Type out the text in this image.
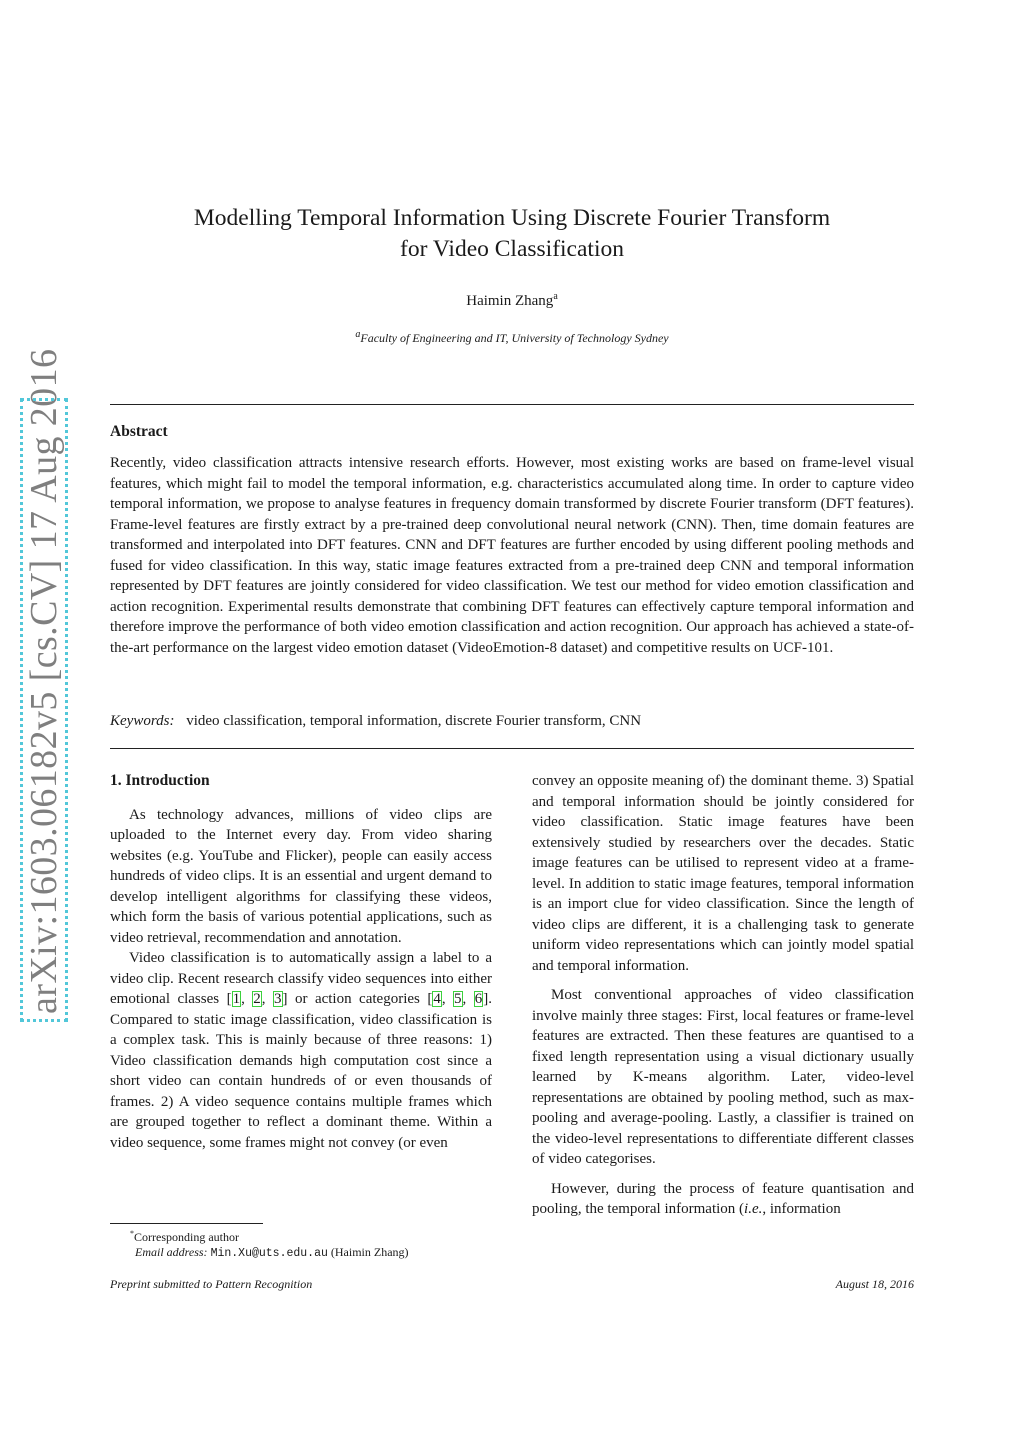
arXiv:1603.06182v5 [cs.CV] 17 Aug 2016
Modelling Temporal Information Using Discrete Fourier Transform
for Video Classification
Haimin Zhang$^a$
$^a$Faculty of Engineering and IT, University of Technology Sydney
Abstract
Recently, video classification attracts intensive research efforts. However, most existing works are based on frame-level visual features, which might fail to model the temporal information, e.g. characteristics accumulated along time. In order to capture video temporal information, we propose to analyse features in frequency domain transformed by discrete Fourier transform (DFT features). Frame-level features are firstly extract by a pre-trained deep convolutional neural network (CNN). Then, time domain features are transformed and interpolated into DFT features. CNN and DFT features are further encoded by using different pooling methods and fused for video classification. In this way, static image features extracted from a pre-trained deep CNN and temporal information represented by DFT features are jointly considered for video classification. We test our method for video emotion classification and action recognition. Experimental results demonstrate that combining DFT features can effectively capture temporal information and therefore improve the performance of both video emotion classification and action recognition. Our approach has achieved a state-of-the-art performance on the largest video emotion dataset (VideoEmotion-8 dataset) and competitive results on UCF-101.
Keywords: video classification, temporal information, discrete Fourier transform, CNN
1. Introduction

As technology advances, millions of video clips are uploaded to the Internet every day. From video sharing websites (e.g. YouTube and Flicker), people can easily access hundreds of video clips. It is an essential and urgent demand to develop intelligent algorithms for classifying these videos, which form the basis of various potential applications, such as video retrieval, recommendation and annotation.

Video classification is to automatically assign a label to a video clip. Recent research classify video sequences into either emotional classes [1, 2, 3] or action categories [4, 5, 6]. Compared to static image classification, video classification is a complex task. This is mainly because of three reasons: 1) Video classification demands high computation cost since a short video can contain hundreds of or even thousands of frames. 2) A video sequence contains multiple frames which are grouped together to reflect a dominant theme. Within a video sequence, some frames might not convey (or even

convey an opposite meaning of) the dominant theme. 3) Spatial and temporal information should be jointly considered for video classification. Static image features have been extensively studied by researchers over the decades. Static image features can be utilised to represent video at a frame-level. In addition to static image features, temporal information is an import clue for video classification. Since the length of video clips are different, it is a challenging task to generate uniform video representations which can jointly model spatial and temporal information.

Most conventional approaches of video classification involve mainly three stages: First, local features or frame-level features are extracted. Then these features are quantised to a fixed length representation using a visual dictionary usually learned by K-means algorithm. Later, video-level representations are obtained by pooling method, such as max-pooling and average-pooling. Lastly, a classifier is trained on the video-level representations to differentiate different classes of video categorises.

However, during the process of feature quantisation and pooling, the temporal information (i.e., information

*Corresponding author
Email address: Min.Xu@uts.edu.au (Haimin Zhang)
Preprint submitted to Pattern Recognition	August 18, 2016
